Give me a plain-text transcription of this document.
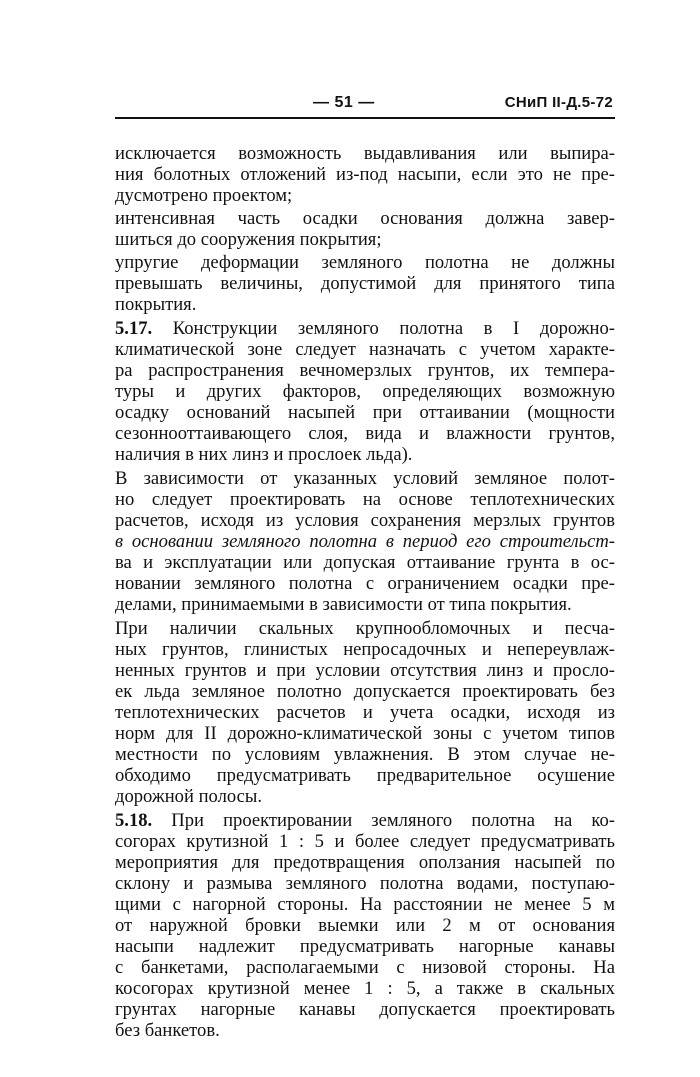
— 51 —	СНиП II-Д.5-72
исключается возможность выдавливания или выпира-
ния болотных отложений из-под насыпи, если это не пре-
дусмотрено проектом;
интенсивная часть осадки основания должна завер-
шиться до сооружения покрытия;
упругие деформации земляного полотна не должны
превышать величины, допустимой для принятого типа
покрытия.
5.17. Конструкции земляного полотна в I дорожно-
климатической зоне следует назначать с учетом характе-
ра распространения вечномерзлых грунтов, их темпера-
туры и других факторов, определяющих возможную
осадку оснований насыпей при оттаивании (мощности
сезоннооттаивающего слоя, вида и влажности грунтов,
наличия в них линз и прослоек льда).
В зависимости от указанных условий земляное полот-
но следует проектировать на основе теплотехнических
расчетов, исходя из условия сохранения мерзлых грунтов
в основании земляного полотна в период его строительст-
ва и эксплуатации или допуская оттаивание грунта в ос-
новании земляного полотна с ограничением осадки пре-
делами, принимаемыми в зависимости от типа покрытия.
При наличии скальных крупнообломочных и песча-
ных грунтов, глинистых непросадочных и непереувлаж-
ненных грунтов и при условии отсутствия линз и просло-
ек льда земляное полотно допускается проектировать без
теплотехнических расчетов и учета осадки, исходя из
норм для II дорожно-климатической зоны с учетом типов
местности по условиям увлажнения. В этом случае не-
обходимо предусматривать предварительное осушение
дорожной полосы.
5.18. При проектировании земляного полотна на ко-
согорах крутизной 1 : 5 и более следует предусматривать
мероприятия для предотвращения оползания насыпей по
склону и размыва земляного полотна водами, поступаю-
щими с нагорной стороны. На расстоянии не менее 5 м
от наружной бровки выемки или 2 м от основания
насыпи надлежит предусматривать нагорные канавы
с банкетами, располагаемыми с низовой стороны. На
косогорах крутизной менее 1 : 5, а также в скальных
грунтах нагорные канавы допускается проектировать
без банкетов.
